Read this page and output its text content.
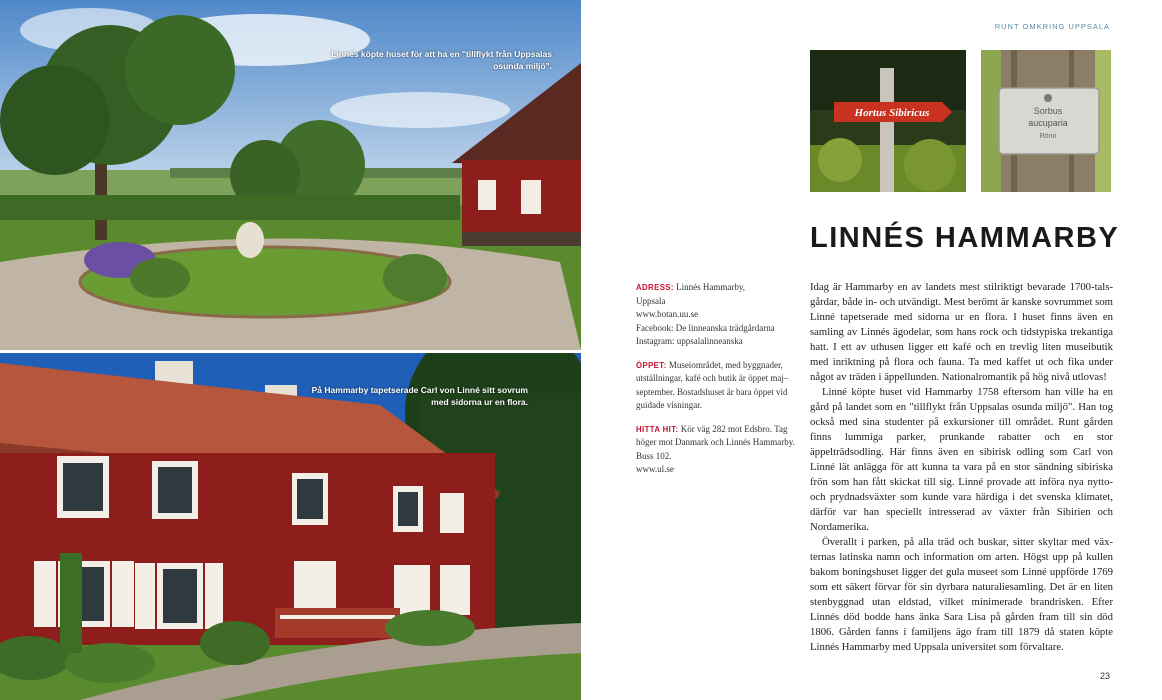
Linnés köpte huset för att ha en "tillflykt från Uppsalas osunda miljö".
På Hammarby tapetserade Carl von Linné sitt sovrum med sidorna ur en flora.
RUNT OMKRING UPPSALA
Hortus Sibiricus	Sorbus
aucuparia
Rönn
LINNÉS HAMMARBY

ADRESS: Linnés Hammarby,
Uppsala
www.botan.uu.se
Facebook: De linneanska trädgårdarna
Instagram: uppsalalinneanska

ÖPPET: Museiområdet, med byggnader, utställningar, kafé och butik är öppet maj–september. Bostadshuset är bara öppet vid guidade visningar.

HITTA HIT: Kör väg 282 mot Edsbro. Tag höger mot Danmark och Linnés Hammarby. Buss 102.
www.ul.se

Idag är Hammarby en av landets mest stilriktigt bevarade 1700-talsgårdar, både in- och utvändigt. Mest berömt är kanske sovrummet som Linné tapetserade med sidorna ur en flora. I huset finns även en samling av Linnés ägodelar, som hans rock och tidstypiska trekantiga hatt. I ett av uthusen ligger ett kafé och en trevlig liten museibutik med inriktning på flora och fauna. Ta med kaffet ut och fika under något av träden i äppellunden. Nationalromantik på hög nivå utlovas!

Linné köpte huset vid Hammarby 1758 eftersom han ville ha en gård på landet som en "tillflykt från Uppsalas osunda miljö". Han tog också med sina studenter på exkursioner till området. Runt gården finns lummiga parker, prunkande rabatter och en stor äppelträdsodling. Här finns även en sibirisk odling som Carl von Linné lät anlägga för att kunna ta vara på en stor sändning sibiriska frön som han fått skickat till sig. Linné provade att införa nya nytto- och prydnadsväxter som kunde vara härdiga i det svenska klimatet, därför var han speciellt intresserad av växter från Sibirien och Nordamerika.

Överallt i parken, på alla träd och buskar, sitter skyltar med växternas latinska namn och information om arten. Högst upp på kullen bakom boningshuset ligger det gula museet som Linné uppförde 1769 som ett säkert förvar för sin dyrbara naturaliesamling. Det är en liten stenbyggnad utan eldstad, vilket minimerade brandrisken. Efter Linnés död bodde hans änka Sara Lisa på gården fram till sin död 1806. Gården fanns i familjens ägo fram till 1879 då staten köpte Linnés Hammarby med Uppsala universitet som förvaltare.

23
